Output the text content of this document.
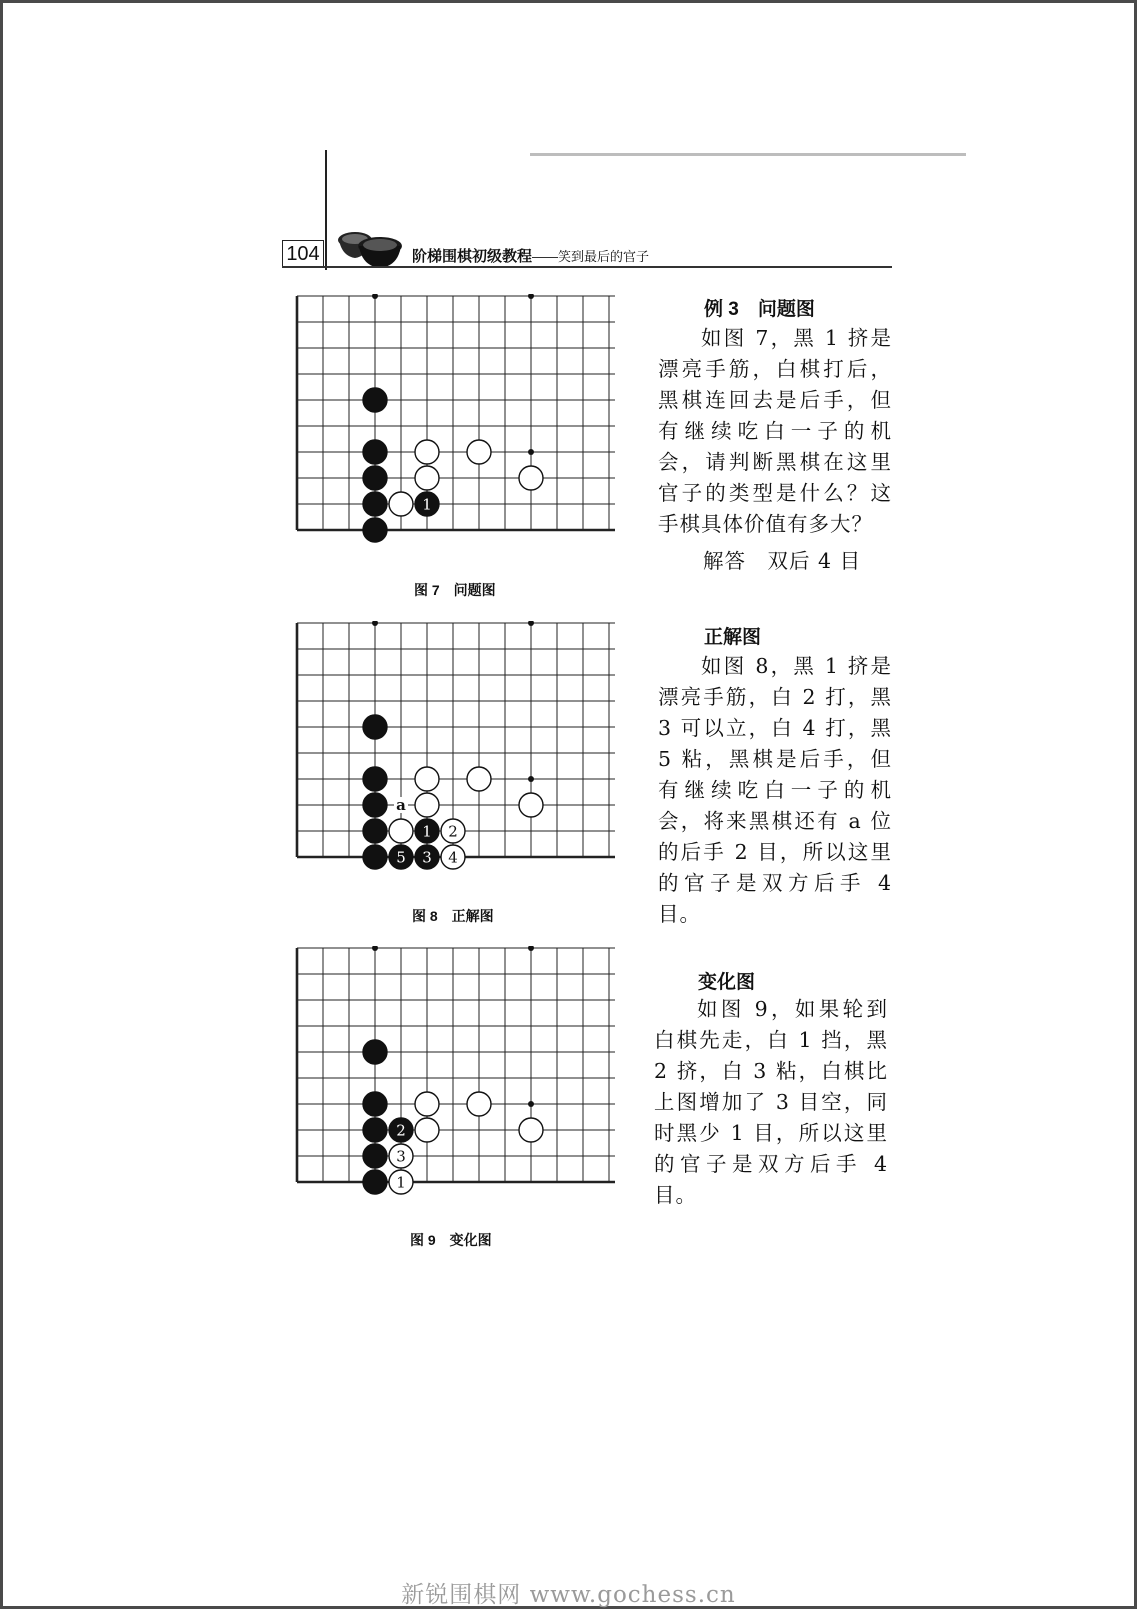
104	阶梯围棋初级教程——笑到最后的官子
1
图 7　问题图
例 3　问题图

如图 7，黑 1 挤是漂亮手筋，白棋打后，黑棋连回去是后手，但有继续吃白一子的机会，请判断黑棋在这里官子的类型是什么？这手棋具体价值有多大？

解答　双后 4 目
1 2
3 4
5
a
图 8　正解图
正解图

如图 8，黑 1 挤是漂亮手筋，白 2 打，黑 3 可以立，白 4 打，黑 5 粘，黑棋是后手，但有继续吃白一子的机会，将来黑棋还有 a 位的后手 2 目，所以这里的官子是双方后手 4 目。

1
2
3
图 9　变化图
变化图

如图 9，如果轮到白棋先走，白 1 挡，黑 2 挤，白 3 粘，白棋比上图增加了 3 目空，同时黑少 1 目，所以这里的官子是双方后手 4 目。

新锐围棋网 www.gochess.cn
